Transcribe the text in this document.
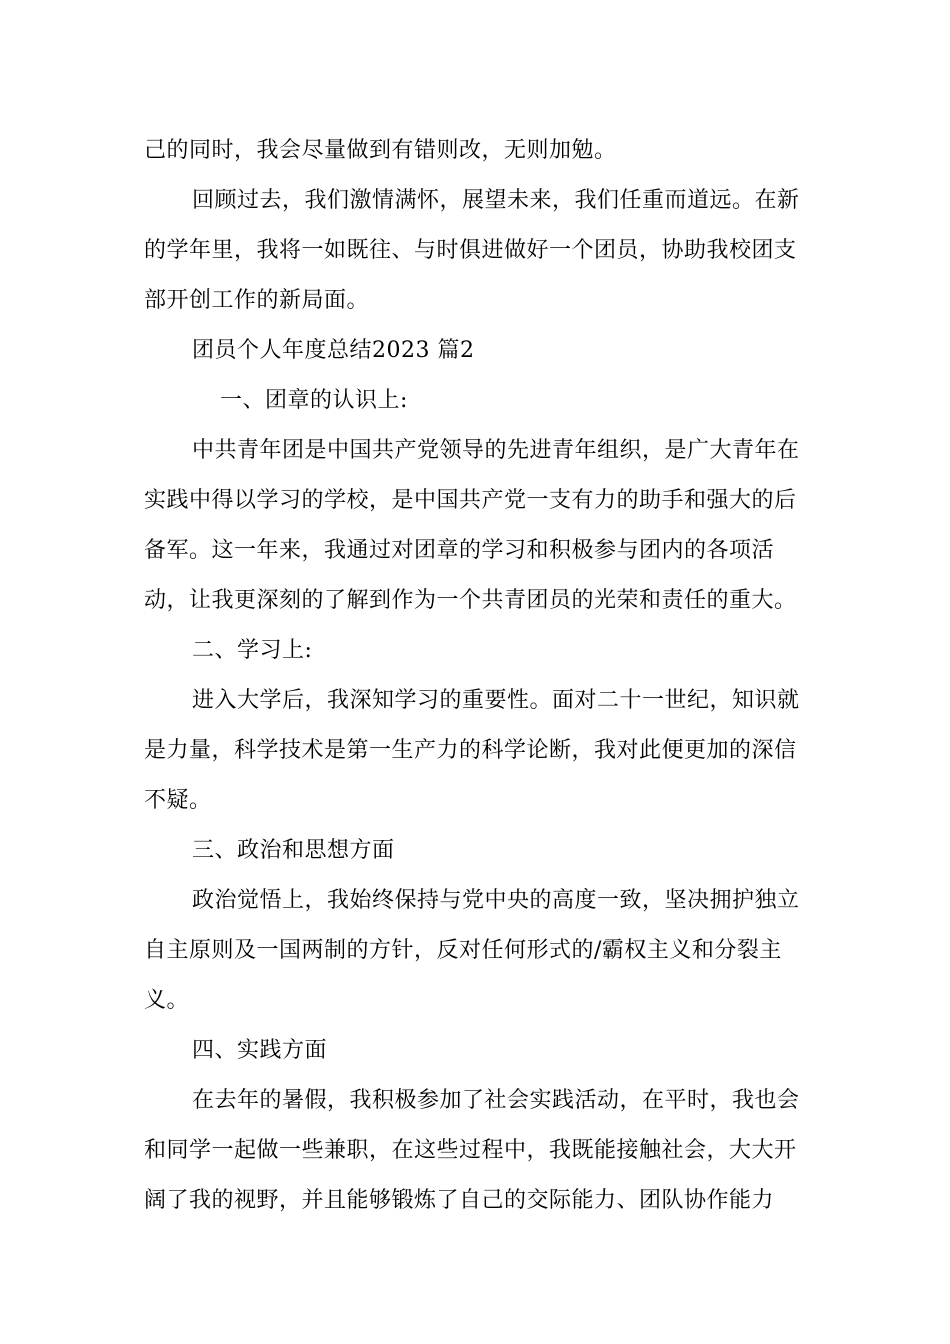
己的同时，我会尽量做到有错则改，无则加勉。
回顾过去，我们激情满怀，展望未来，我们任重而道远。在新
的学年里，我将一如既往、与时俱进做好一个团员，协助我校团支
部开创工作的新局面。
团员个人年度总结2023 篇2
一、团章的认识上:
中共青年团是中国共产党领导的先进青年组织，是广大青年在
实践中得以学习的学校，是中国共产党一支有力的助手和强大的后
备军。这一年来，我通过对团章的学习和积极参与团内的各项活
动，让我更深刻的了解到作为一个共青团员的光荣和责任的重大。
二、学习上:
进入大学后，我深知学习的重要性。面对二十一世纪，知识就
是力量，科学技术是第一生产力的科学论断，我对此便更加的深信
不疑。
三、政治和思想方面
政治觉悟上，我始终保持与党中央的高度一致，坚决拥护独立
自主原则及一国两制的方针，反对任何形式的/霸权主义和分裂主
义。
四、实践方面
在去年的暑假，我积极参加了社会实践活动，在平时，我也会
和同学一起做一些兼职，在这些过程中，我既能接触社会，大大开
阔了我的视野，并且能够锻炼了自己的交际能力、团队协作能力
